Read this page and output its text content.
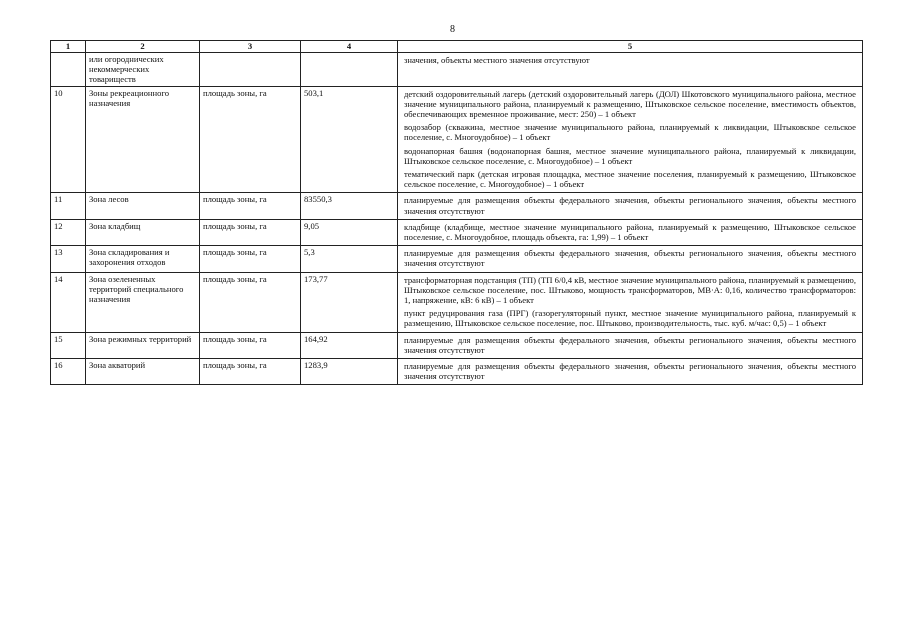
8
1	2	3	4	5
	или огороднических некоммерческих товариществ			значения, объекты местного значения отсутствуют

10	Зоны рекреационного назначения	площадь зоны, га	503,1	детский оздоровительный лагерь (детский оздоровительный лагерь (ДОЛ) Шкотовского муниципального района, местное значение муниципального района, планируемый к размещению, Штыковское сельское поселение, вместимость объектов, обеспечивающих временное проживание, мест: 250) – 1 объект
водозабор (скважина, местное значение муниципального района, планируемый к ликвидации, Штыковское сельское поселение, с. Многоудобное) – 1 объект
водонапорная башня (водонапорная башня, местное значение муниципального района, планируемый к ликвидации, Штыковское сельское поселение, с. Многоудобное) – 1 объект
тематический парк (детская игровая площадка, местное значение поселения, планируемый к размещению, Штыковское сельское поселение, с. Многоудобное) – 1 объект

11	Зона лесов	площадь зоны, га	83550,3	планируемые для размещения объекты федерального значения, объекты регионального значения, объекты местного значения отсутствуют

12	Зона кладбищ	площадь зоны, га	9,05	кладбище (кладбище, местное значение муниципального района, планируемый к размещению, Штыковское сельское поселение, с. Многоудобное, площадь объекта, га: 1,99) – 1 объект

13	Зона складирования и захоронения отходов	площадь зоны, га	5,3	планируемые для размещения объекты федерального значения, объекты регионального значения, объекты местного значения отсутствуют

14	Зона озелененных территорий специального назначения	площадь зоны, га	173,77	трансформаторная подстанция (ТП) (ТП 6/0,4 кВ, местное значение муниципального района, планируемый к размещению, Штыковское сельское поселение, пос. Штыково, мощность трансформаторов, МВ·А: 0,16, количество трансформаторов: 1, напряжение, кВ: 6 кВ) – 1 объект
пункт редуцирования газа (ПРГ) (газорегуляторный пункт, местное значение муниципального района, планируемый к размещению, Штыковское сельское поселение, пос. Штыково, производительность, тыс. куб. м/час: 0,5) – 1 объект

15	Зона режимных территорий	площадь зоны, га	164,92	планируемые для размещения объекты федерального значения, объекты регионального значения, объекты местного значения отсутствуют

16	Зона акваторий	площадь зоны, га	1283,9	планируемые для размещения объекты федерального значения, объекты регионального значения, объекты местного значения отсутствуют
